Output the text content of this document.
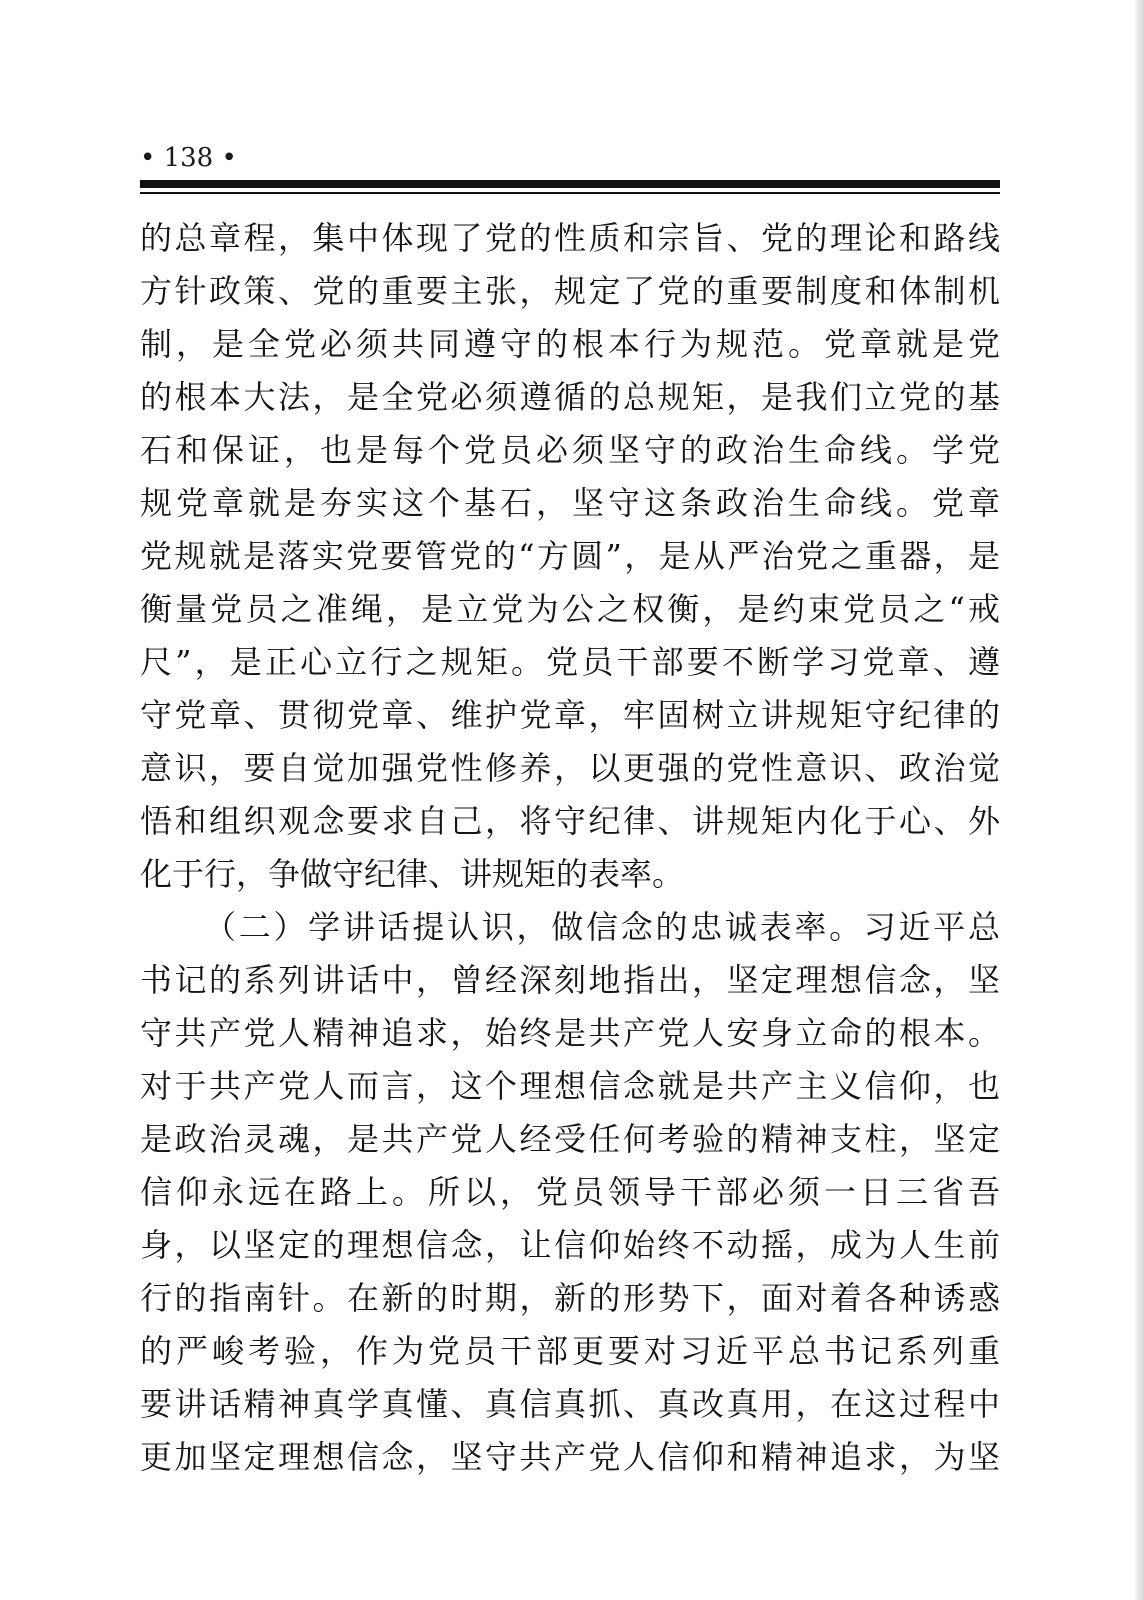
• 138 •
的总章程，集中体现了党的性质和宗旨、党的理论和路线
方针政策、党的重要主张，规定了党的重要制度和体制机
制，是全党必须共同遵守的根本行为规范。党章就是党
的根本大法，是全党必须遵循的总规矩，是我们立党的基
石和保证，也是每个党员必须坚守的政治生命线。学党
规党章就是夯实这个基石，坚守这条政治生命线。党章
党规就是落实党要管党的“方圆”，是从严治党之重器，是
衡量党员之准绳，是立党为公之权衡，是约束党员之“戒
尺”，是正心立行之规矩。党员干部要不断学习党章、遵
守党章、贯彻党章、维护党章，牢固树立讲规矩守纪律的
意识，要自觉加强党性修养，以更强的党性意识、政治觉
悟和组织观念要求自己，将守纪律、讲规矩内化于心、外
化于行，争做守纪律、讲规矩的表率。
（二）学讲话提认识，做信念的忠诚表率。习近平总
书记的系列讲话中，曾经深刻地指出，坚定理想信念，坚
守共产党人精神追求，始终是共产党人安身立命的根本。
对于共产党人而言，这个理想信念就是共产主义信仰，也
是政治灵魂，是共产党人经受任何考验的精神支柱，坚定
信仰永远在路上。所以，党员领导干部必须一日三省吾
身，以坚定的理想信念，让信仰始终不动摇，成为人生前
行的指南针。在新的时期，新的形势下，面对着各种诱惑
的严峻考验，作为党员干部更要对习近平总书记系列重
要讲话精神真学真懂、真信真抓、真改真用，在这过程中
更加坚定理想信念，坚守共产党人信仰和精神追求，为坚
